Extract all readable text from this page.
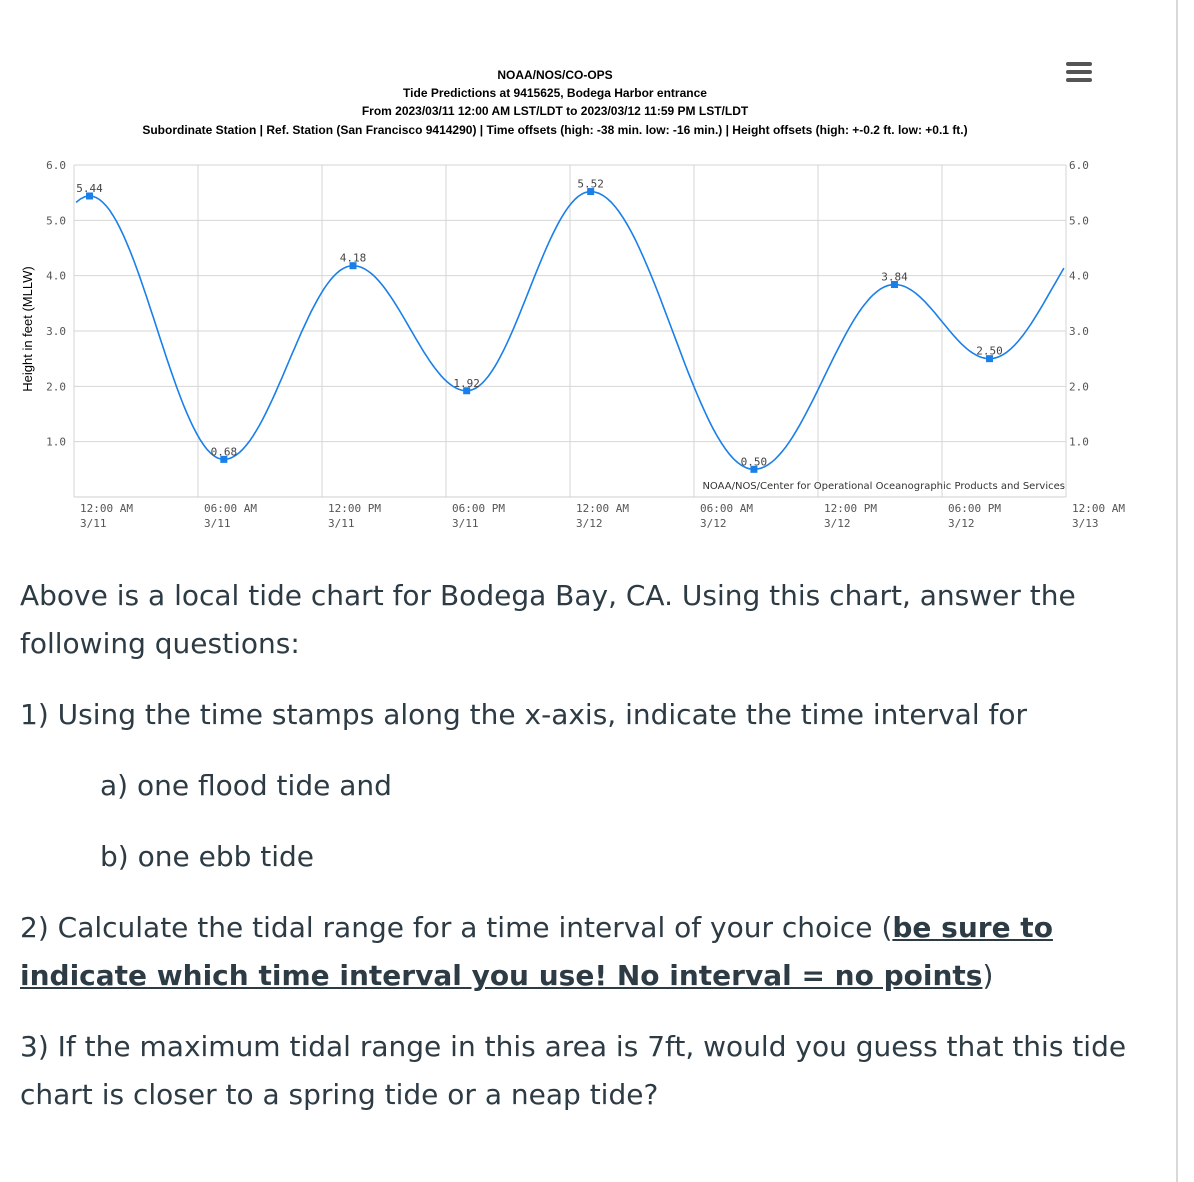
NOAA/NOS/CO-OPS
Tide Predictions at 9415625, Bodega Harbor entrance
From 2023/03/11 12:00 AM LST/LDT to 2023/03/12 11:59 PM LST/LDT
Subordinate Station | Ref. Station (San Francisco 9414290) | Time offsets (high: -38 min. low: -16 min.) | Height offsets (high: +-0.2 ft. low: +0.1 ft.)
1.0	1.0
2.0	2.0
3.0	3.0
4.0	4.0
5.0	5.0
6.0	6.0
12:00 AM
3/11
06:00 AM
3/11
12:00 PM
3/11
06:00 PM
3/11
12:00 AM
3/12
06:00 AM
3/12
12:00 PM
3/12
06:00 PM
3/12
12:00 AM
3/13
Height in feet (MLLW)
5.44
0.68
4.18
1.92
5.52
0.50
3.84
2.50
NOAA/NOS/Center for Operational Oceanographic Products and Services

Above is a local tide chart for Bodega Bay, CA. Using this chart, answer the following questions:

1) Using the time stamps along the x-axis, indicate the time interval for

a) one flood tide and

b) one ebb tide

2) Calculate the tidal range for a time interval of your choice (be sure to indicate which time interval you use! No interval = no points)

3) If the maximum tidal range in this area is 7ft, would you guess that this tide chart is closer to a spring tide or a neap tide?
